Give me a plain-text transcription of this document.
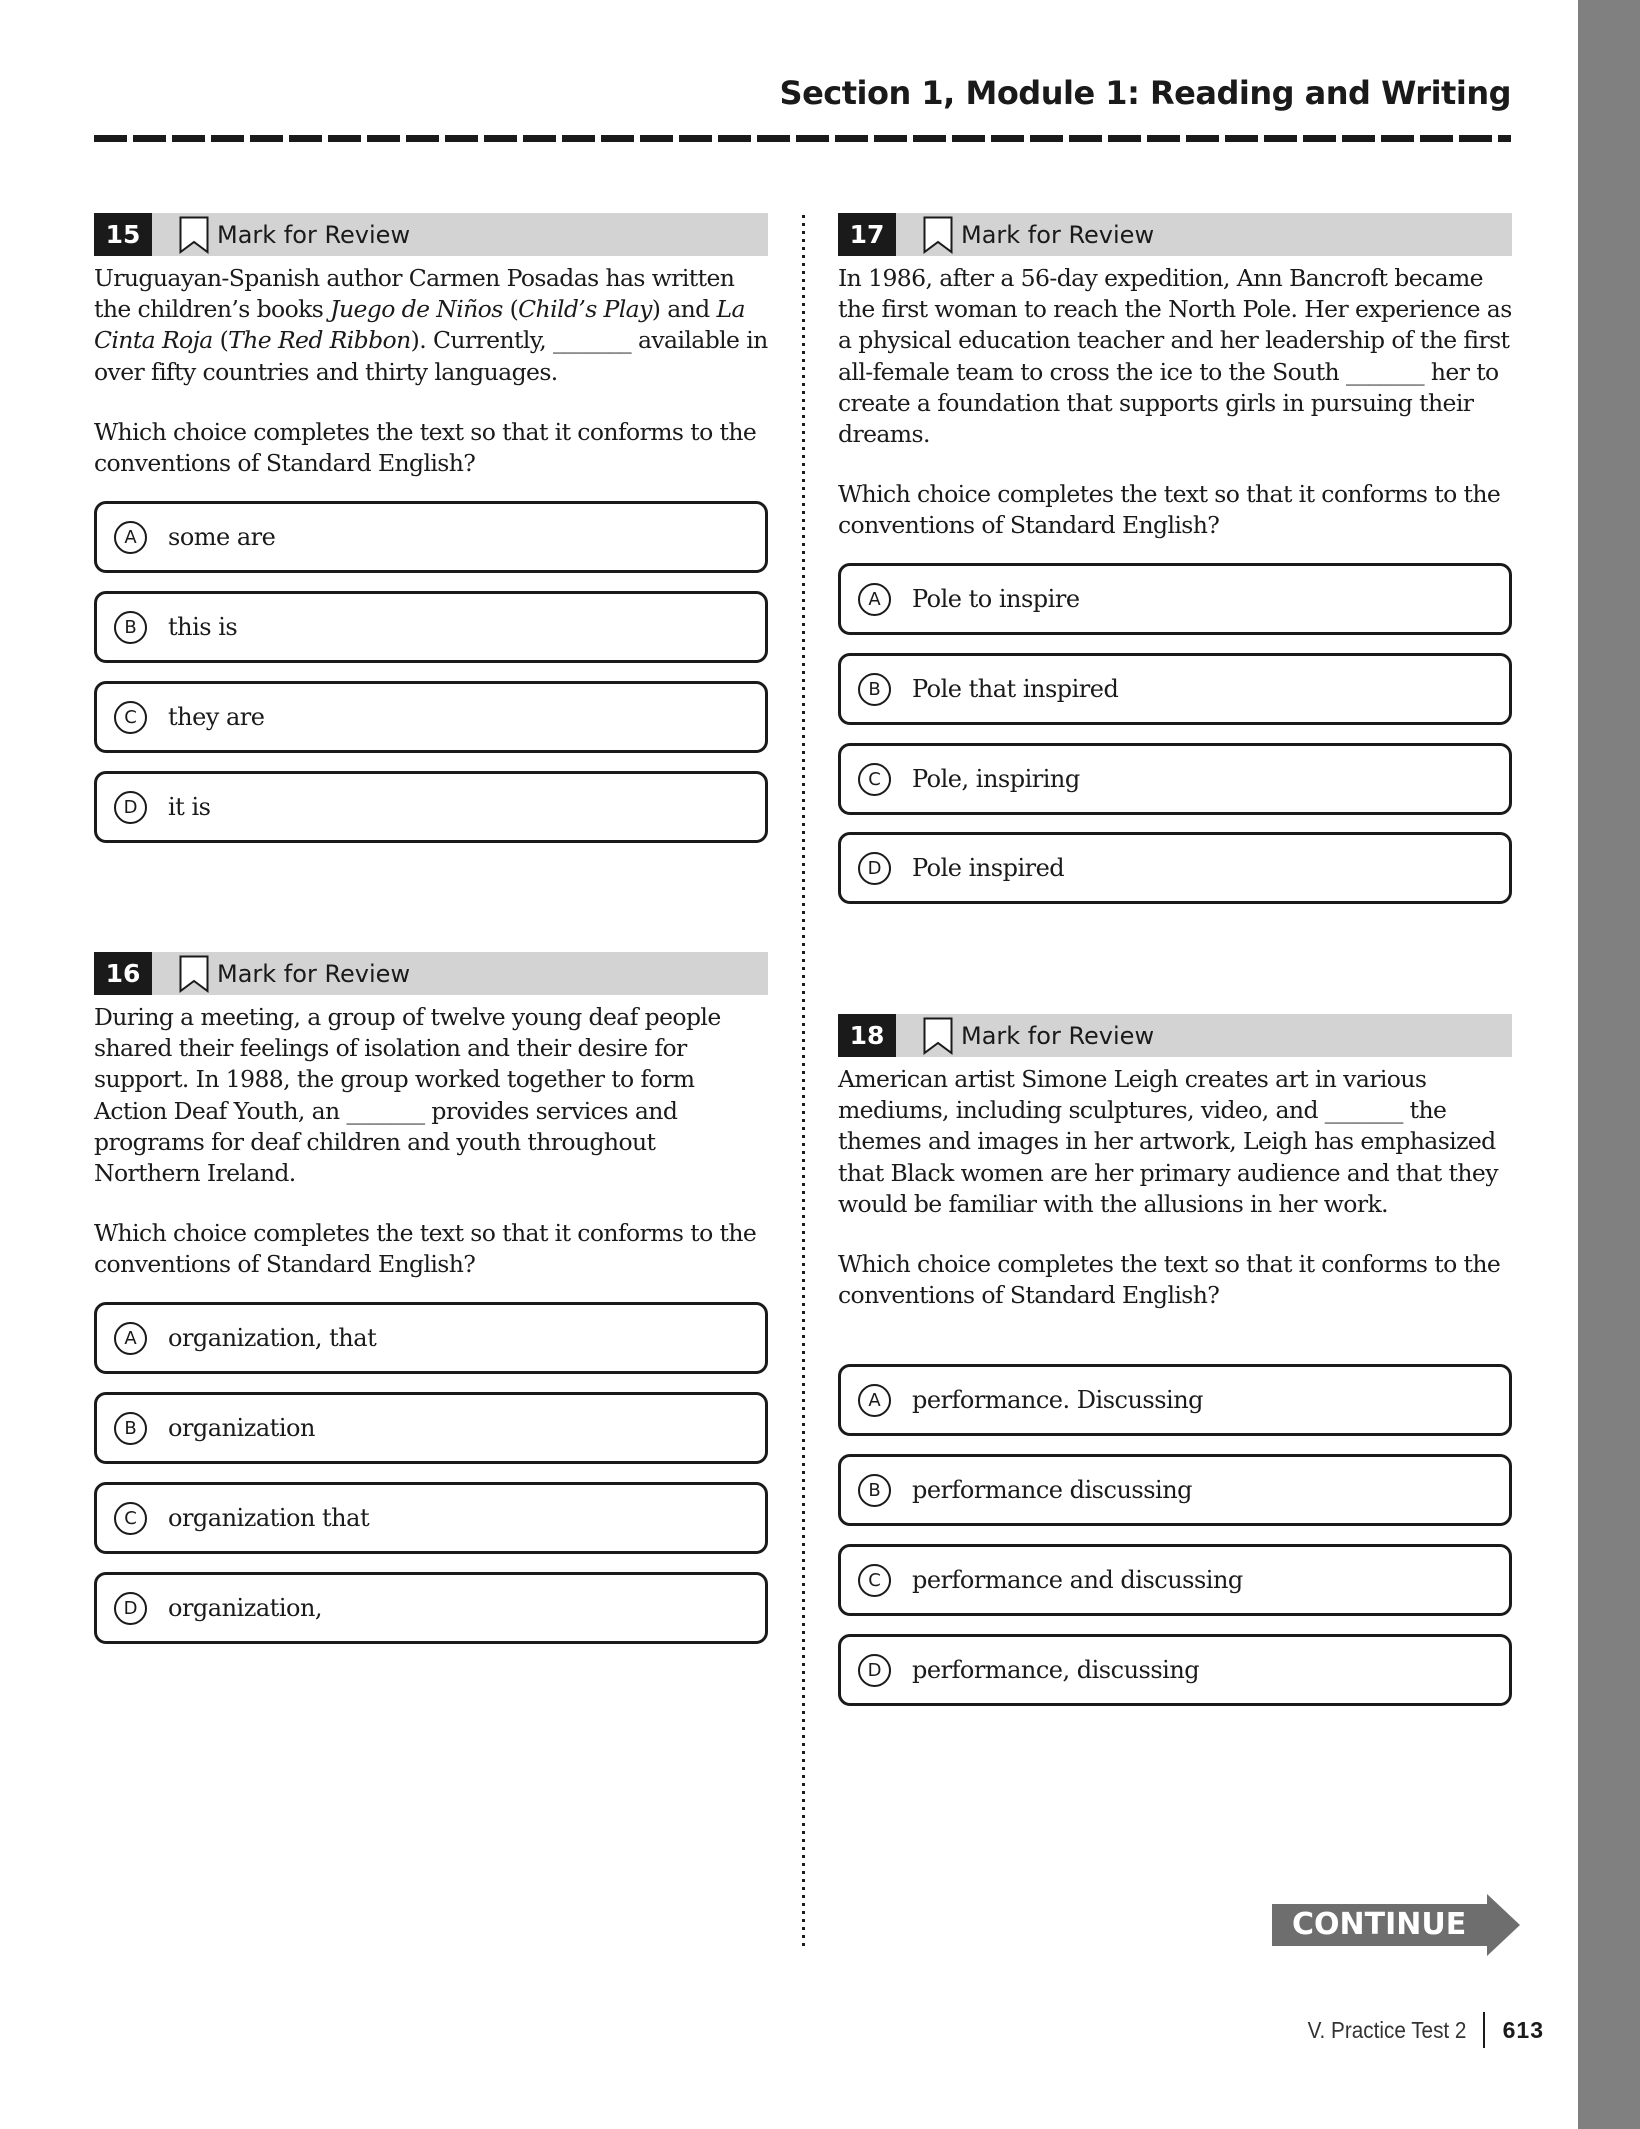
Section 1, Module 1: Reading and Writing
15	Mark for Review
Uruguayan-Spanish author Carmen Posadas has written the children’s books Juego de Niños (Child’s Play) and La Cinta Roja (The Red Ribbon). Currently, _______ available in over fifty countries and thirty languages.
Which choice completes the text so that it conforms to the conventions of Standard English?
A	some are
B	this is
C	they are
D	it is
16	Mark for Review
During a meeting, a group of twelve young deaf people shared their feelings of isolation and their desire for support. In 1988, the group worked together to form Action Deaf Youth, an _______ provides services and programs for deaf children and youth throughout Northern Ireland.
Which choice completes the text so that it conforms to the conventions of Standard English?
A	organization, that
B	organization
C	organization that
D	organization,
17	Mark for Review
In 1986, after a 56-day expedition, Ann Bancroft became the first woman to reach the North Pole. Her experience as a physical education teacher and her leadership of the first all-female team to cross the ice to the South _______ her to create a foundation that supports girls in pursuing their dreams.
Which choice completes the text so that it conforms to the conventions of Standard English?
A	Pole to inspire
B	Pole that inspired
C	Pole, inspiring
D	Pole inspired
18	Mark for Review
American artist Simone Leigh creates art in various mediums, including sculptures, video, and _______ the themes and images in her artwork, Leigh has emphasized that Black women are her primary audience and that they would be familiar with the allusions in her work.
Which choice completes the text so that it conforms to the conventions of Standard English?
A	performance. Discussing
B	performance discussing
C	performance and discussing
D	performance, discussing
CONTINUE
V. Practice Test 2 613
